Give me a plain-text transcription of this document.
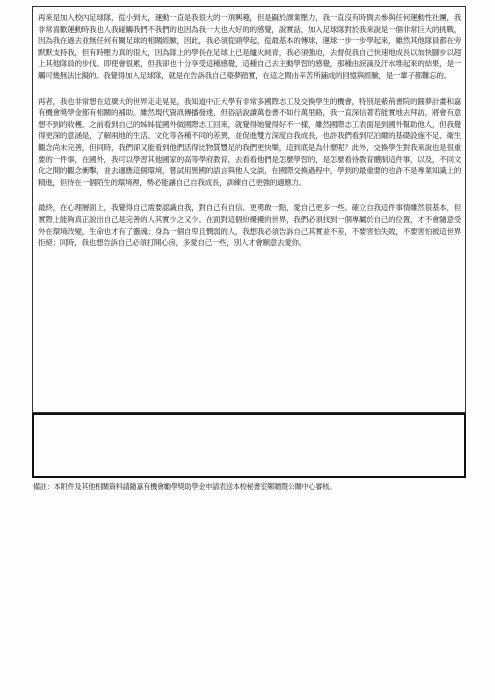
再來是加入校內足球隊，從小到大，運動一直是我很大的一項興趣，但是礙於課業壓力，我一直沒有時間去參與任何運動性社團，我非常喜歡運動時我也人我碰觸我們不我們的也因為我一大也大好的的感覺，說實話，加入足球隊對於我來說是一個非常巨大的挑戰，因為我在過去並無任何有關足球的相關經驗，因此，我必須從頭學起，從最基本的傳球，運球一步一步學起來，雖然其他隊員都在旁默默支持我，但有時壓力真的很大，因為隊上的學長在足球上已是爐火純青，我必須強迫，去督促我自己快速地成長以加快腳步以趕上其他隊員的步伐。即使會很累，但我卻也十分享受這種感覺，這種自己去主動學習的感覺，那種由淚滴及汗水堆起來的結果，是一觸可幾無法比擬的。我覺得加入足球隊，就是在告訴我自己築夢踏實，在這之間由辛苦所鋪成的回憶與經驗，是一輩子都難忘的。

再者，我也非常想在這廣大的世界走走晃晃，我知道中正大學有非常多國際志工及交換學生的機會，特別是紫荊書院的圓夢計畫和嘉有機會獎學金都有相關的補助。雖然現代資訊傳播發達，但俗話說讀萬卷書不如行萬里路，我一直深信著若能實地去拜訪，將會有意想不到的收穫。之前看到自己的姊姊從國外做國際志工回來，就覺得她覺得好不一樣，雖然國際志工表面是到國外幫助他人，但我覺得更深的意涵是，了解兩地的生活、文化等各種不同的差異，並促進雙方深度自我成長，也許我們看到尼泊爾的基礎設施不足、衛生觀念尚未完善，但同時，我們卻又能看到他們活得比物質豐足的我們更快樂，這到底是為什麼呢？此外，交換學生對我來說也是很重要的一件事，在國外，我可以學習其他國家的高等學府教育，去看看他們是怎麼學習的，是怎麼看待教育體制這件事，以及，不同文化之間的觀念衝擊，並去適應這個環境，嘗試用異國的語言與他人交談，在國際交換過程中，學到的最重要的也許不是專業知識上的精進，但待在一個陌生的環境裡，勢必能讓自己自我成長，訓練自己更強的適應力。

最終，在心理層面上，我覺得自己需要認識自我，對自己有自信、更勇敢一點，愛自己更多一些。確立自我這件事情雖然很基本，但實際上能夠真正說出自己是完善的人其實少之又少。在面對這個紛擾擾的世界，我們必須找到一個專屬於自己的位置，才不會隨意受外在環境改變，生命也才有了靈魂；身為一個自卑且憫弱的人，我想我必須告訴自己其實並不差，不要害怕失敗，不要害怕被這世界拒絕；同時，我也想告訴自己必須打開心房，多愛自己一些，別人才會願意去愛你。

備註：本附件及其他相關資料請隨嘉有機會勵學獎助學金申請表送本校秘書室鄭贈暨公關中心審核。
